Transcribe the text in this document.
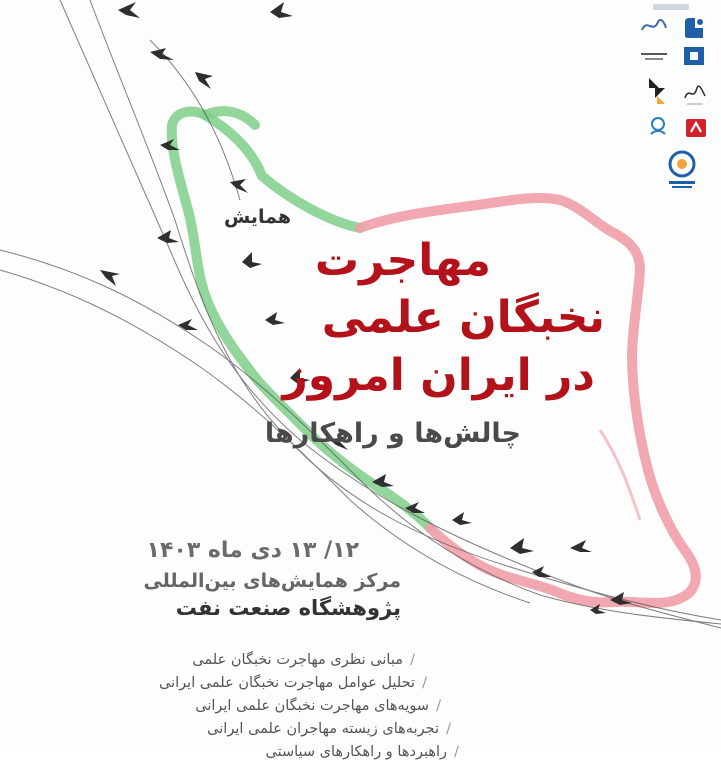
همایش
مهاجرت
نخبگان علمی
در ایران امروز
چالش‌ها و راهکارها
۱۲/ ۱۳ دی ماه ۱۴۰۳
مرکز همایش‌های بین‌المللی
پژوهشگاه صنعت نفت
/ مبانی نظری مهاجرت نخبگان علمی
/ تحلیل عوامل مهاجرت نخبگان علمی ایرانی
/ سویه‌های مهاجرت نخبگان علمی ایرانی
/ تجربه‌های زیسته مهاجران علمی ایرانی
/ راهبردها و راهکارهای سیاستی
